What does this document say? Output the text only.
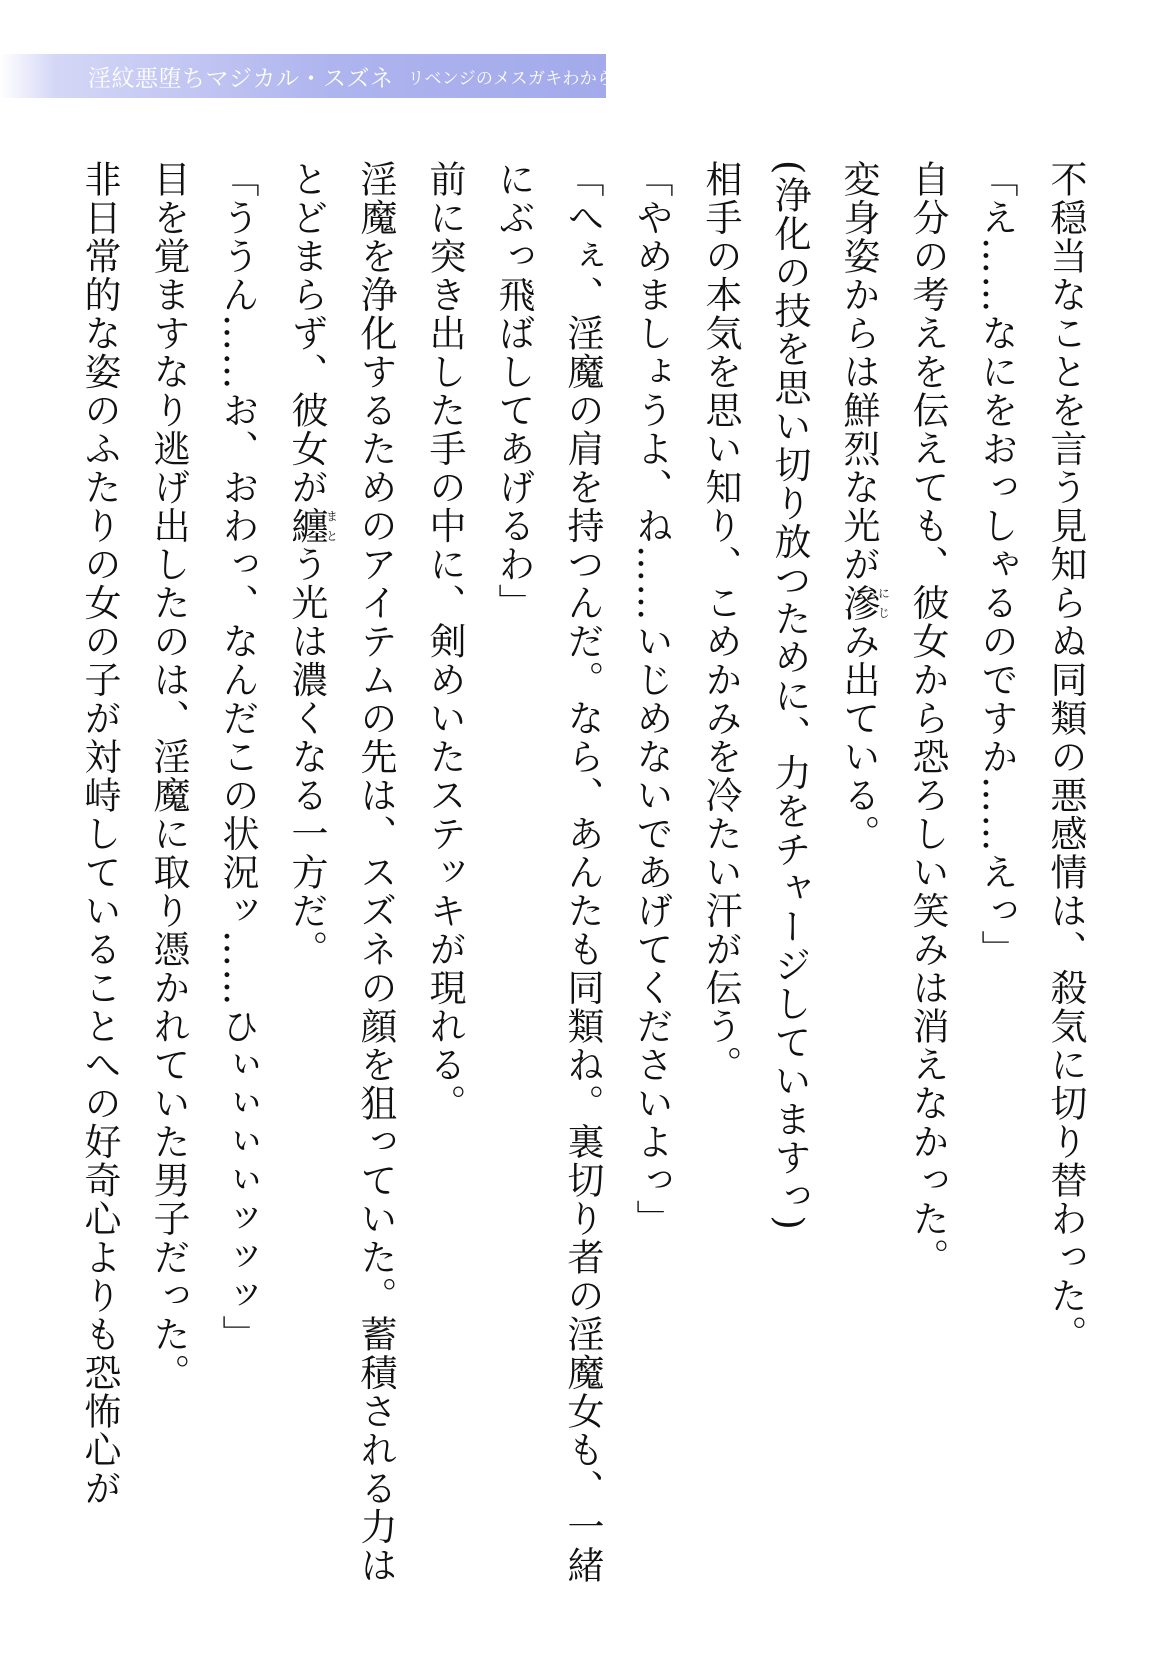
淫紋悪堕ちマジカル・スズネ リベンジのメスガキわからせ

不穏当なことを言う見知らぬ同類の悪感情は、殺気に切り替わった。

「え……なにをおっしゃるのですか……えっ」

自分の考えを伝えても、彼女から恐ろしい笑みは消えなかった。

変身姿からは鮮烈な光が滲にじみ出ている。

(浄化の技を思い切り放つために、力をチャージしていますっ)

相手の本気を思い知り、こめかみを冷たい汗が伝う。

「やめましょうよ、ね……いじめないであげてくださいよっ」

「へぇ、淫魔の肩を持つんだ。なら、あんたも同類ね。裏切り者の淫魔女も、一緒にぶっ飛ばしてあげるわ」

前に突き出した手の中に、剣めいたステッキが現れる。

淫魔を浄化するためのアイテムの先は、スズネの顔を狙っていた。蓄積される力はとどまらず、彼女が纏まとう光は濃くなる一方だ。

「ううん……お、おわっ、なんだこの状況ッ……ひぃぃぃぃッッッ」

目を覚ますなり逃げ出したのは、淫魔に取り憑かれていた男子だった。

非日常的な姿のふたりの女の子が対峙していることへの好奇心よりも恐怖心が
